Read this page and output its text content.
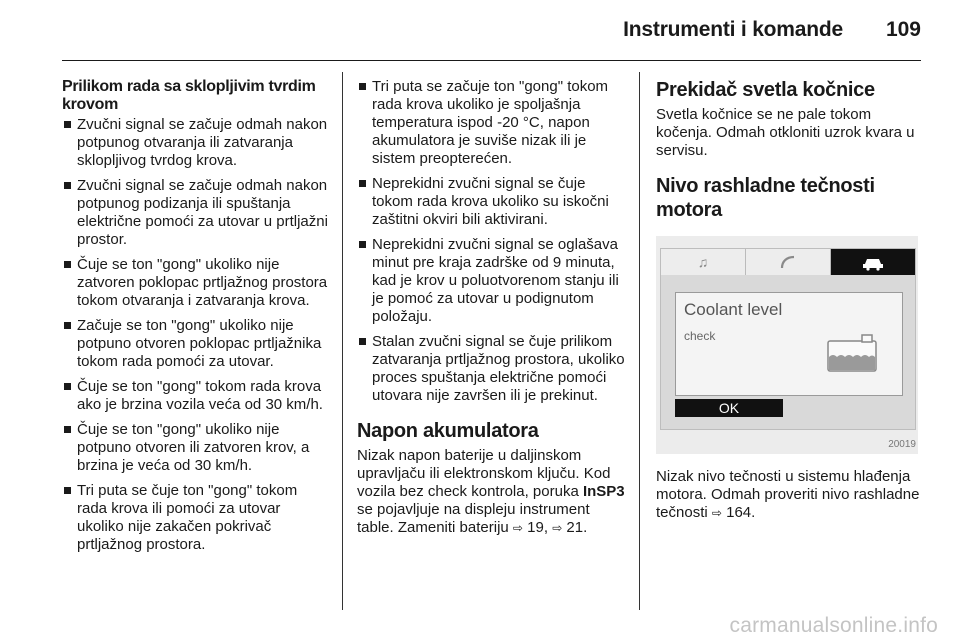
Instrumenti i komande 109
Prilikom rada sa sklopljivim tvrdim krovom
Zvučni signal se začuje odmah nakon potpunog otvaranja ili zatvaranja sklopljivog tvrdog krova.
Zvučni signal se začuje odmah nakon potpunog podizanja ili spuštanja električne pomoći za utovar u prtljažni prostor.
Čuje se ton "gong" ukoliko nije zatvoren poklopac prtljažnog prostora tokom otvaranja i zatvaranja krova.
Začuje se ton "gong" ukoliko nije potpuno otvoren poklopac prtljažnika tokom rada pomoći za utovar.
Čuje se ton "gong" tokom rada krova ako je brzina vozila veća od 30 km/h.
Čuje se ton "gong" ukoliko nije potpuno otvoren ili zatvoren krov, a brzina je veća od 30 km/h.
Tri puta se čuje ton "gong" tokom rada krova ili pomoći za utovar ukoliko nije zakačen pokrivač prtljažnog prostora.
Tri puta se začuje ton "gong" tokom rada krova ukoliko je spoljašnja temperatura ispod -20 °C, napon akumulatora je suviše nizak ili je sistem preopterećen.
Neprekidni zvučni signal se čuje tokom rada krova ukoliko su iskočni zaštitni okviri bili aktivirani.
Neprekidni zvučni signal se oglašava minut pre kraja zadrške od 9 minuta, kad je krov u poluotvorenom stanju ili je pomoć za utovar u podignutom položaju.
Stalan zvučni signal se čuje prilikom zatvaranja prtljažnog prostora, ukoliko proces spuštanja električne pomoći utovara nije završen ili je prekinut.
Napon akumulatora

Nizak napon baterije u daljinskom upravljaču ili elektronskom ključu. Kod vozila bez check kontrola, poruka InSP3 se pojavljuje na displeju instrument table. Zameniti bateriju ⇨ 19, ⇨ 21.

Prekidač svetla kočnice

Svetla kočnice se ne pale tokom kočenja. Odmah otkloniti uzrok kvara u servisu.

Nivo rashladne tečnosti motora
♫
Coolant level
check
OK
20019

Nizak nivo tečnosti u sistemu hlađenja motora. Odmah proveriti nivo rashladne tečnosti ⇨ 164.

carmanualsonline.info
